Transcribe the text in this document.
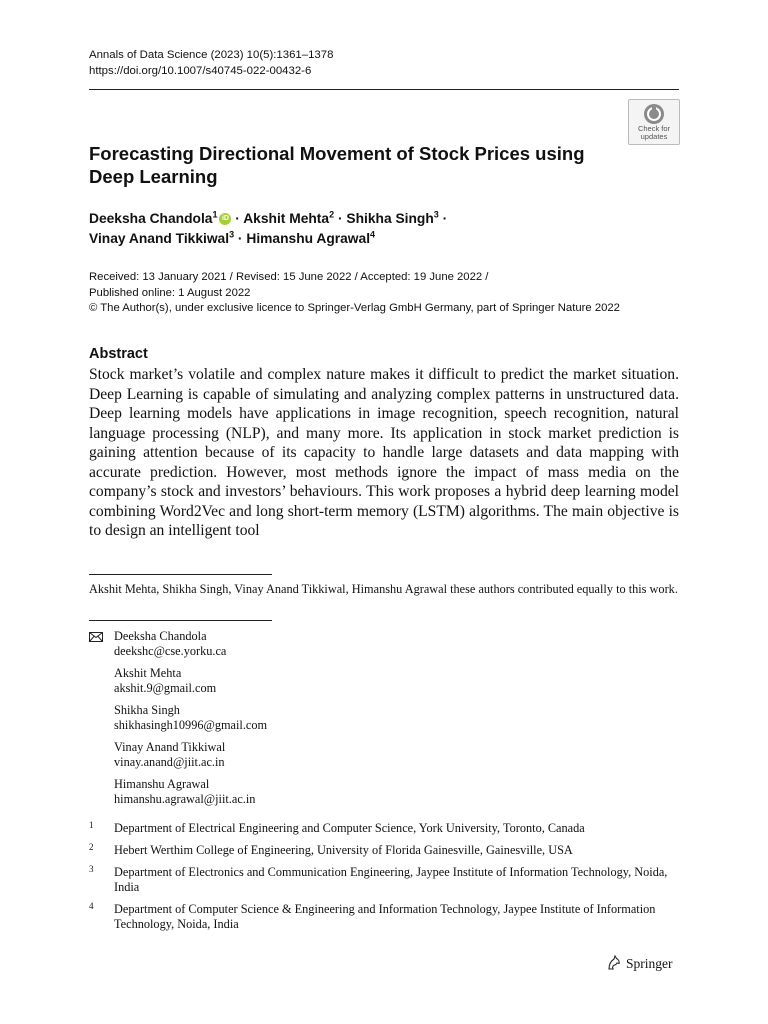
Annals of Data Science (2023) 10(5):1361–1378
https://doi.org/10.1007/s40745-022-00432-6
Check for
updates
Forecasting Directional Movement of Stock Prices using Deep Learning
Deeksha Chandola$^1$ iD · Akshit Mehta$^2$ · Shikha Singh$^3$ ·
Vinay Anand Tikkiwal$^3$ · Himanshu Agrawal$^4$
Received: 13 January 2021 / Revised: 15 June 2022 / Accepted: 19 June 2022 /
Published online: 1 August 2022
© The Author(s), under exclusive licence to Springer-Verlag GmbH Germany, part of Springer Nature 2022
Abstract
Stock market’s volatile and complex nature makes it difficult to predict the market situation. Deep Learning is capable of simulating and analyzing complex patterns in unstructured data. Deep learning models have applications in image recognition, speech recognition, natural language processing (NLP), and many more. Its application in stock market prediction is gaining attention because of its capacity to handle large datasets and data mapping with accurate prediction. However, most methods ignore the impact of mass media on the company’s stock and investors’ behaviours. This work proposes a hybrid deep learning model combining Word2Vec and long short-term memory (LSTM) algorithms. The main objective is to design an intelligent tool
Akshit Mehta, Shikha Singh, Vinay Anand Tikkiwal, Himanshu Agrawal these authors contributed equally to this work.
Deeksha Chandola
deekshc@cse.yorku.ca
Akshit Mehta
akshit.9@gmail.com
Shikha Singh
shikhasingh10996@gmail.com
Vinay Anand Tikkiwal
vinay.anand@jiit.ac.in
Himanshu Agrawal
himanshu.agrawal@jiit.ac.in
1 Department of Electrical Engineering and Computer Science, York University, Toronto, Canada
2 Hebert Werthim College of Engineering, University of Florida Gainesville, Gainesville, USA
3 Department of Electronics and Communication Engineering, Jaypee Institute of Information Technology, Noida, India
4 Department of Computer Science & Engineering and Information Technology, Jaypee Institute of Information Technology, Noida, India
Springer
